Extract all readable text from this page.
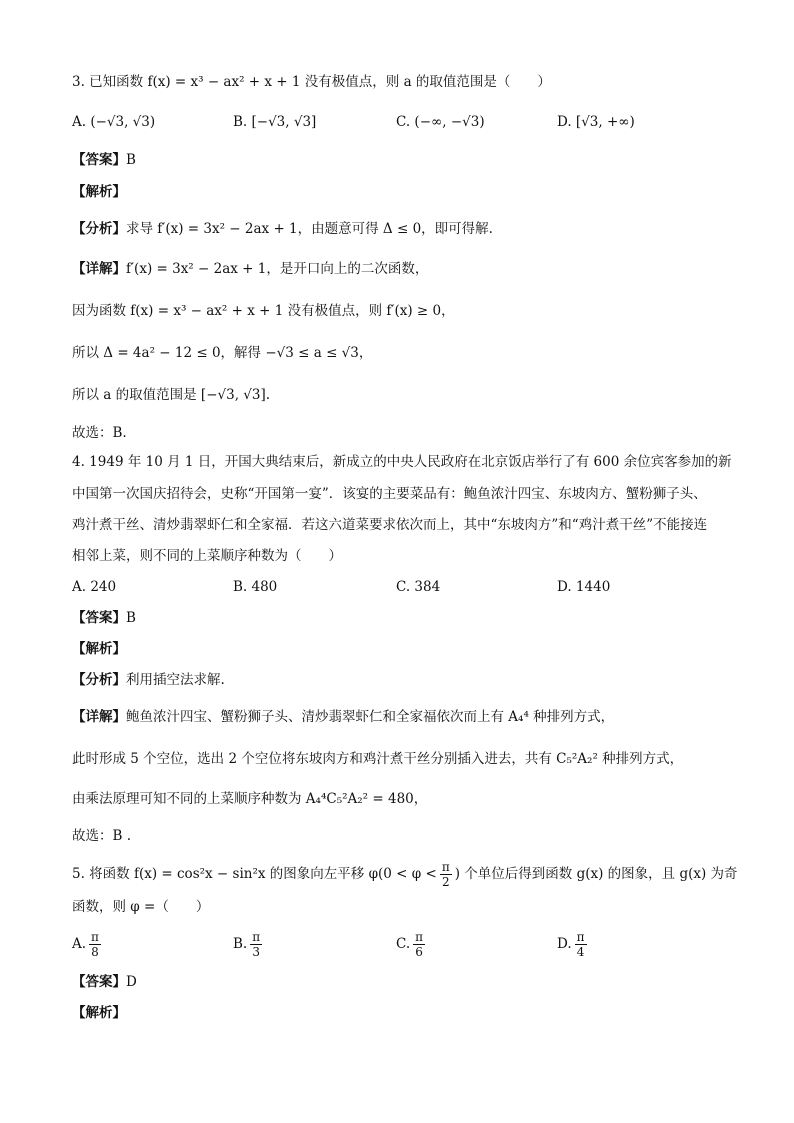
3. 已知函数 f(x) = x³ − ax² + x + 1 没有极值点，则 a 的取值范围是（　　）
A. (−√3, √3)	B. [−√3, √3]	C. (−∞, −√3)	D. [√3, +∞)
【答案】B
【解析】
【分析】求导 f′(x) = 3x² − 2ax + 1，由题意可得 Δ ≤ 0，即可得解.
【详解】f′(x) = 3x² − 2ax + 1，是开口向上的二次函数，
因为函数 f(x) = x³ − ax² + x + 1 没有极值点，则 f′(x) ≥ 0，
所以 Δ = 4a² − 12 ≤ 0，解得 −√3 ≤ a ≤ √3，
所以 a 的取值范围是 [−√3, √3].
故选：B.
4. 1949 年 10 月 1 日，开国大典结束后，新成立的中央人民政府在北京饭店举行了有 600 余位宾客参加的新
中国第一次国庆招待会，史称“开国第一宴”．该宴的主要菜品有：鲍鱼浓汁四宝、东坡肉方、蟹粉狮子头、
鸡汁煮干丝、清炒翡翠虾仁和全家福．若这六道菜要求依次而上，其中“东坡肉方”和“鸡汁煮干丝”不能接连
相邻上菜，则不同的上菜顺序种数为（　　）
A. 240	B. 480	C. 384	D. 1440
【答案】B
【解析】
【分析】利用插空法求解.
【详解】鲍鱼浓汁四宝、蟹粉狮子头、清炒翡翠虾仁和全家福依次而上有 A₄⁴ 种排列方式，
此时形成 5 个空位，选出 2 个空位将东坡肉方和鸡汁煮干丝分别插入进去，共有 C₅²A₂² 种排列方式，
由乘法原理可知不同的上菜顺序种数为 A₄⁴C₅²A₂² = 480，
故选：B .
5. 将函数 f(x) = cos²x − sin²x 的图象向左平移 $\varphi(0 < \varphi < \frac{\pi}{2}$ ) 个单位后得到函数 g(x) 的图象，且 g(x) 为奇
函数，则 φ =（　　）
A. $\frac{\pi}{8}$	B. $\frac{\pi}{3}$	C. $\frac{\pi}{6}$	D. $\frac{\pi}{4}$
【答案】D
【解析】
